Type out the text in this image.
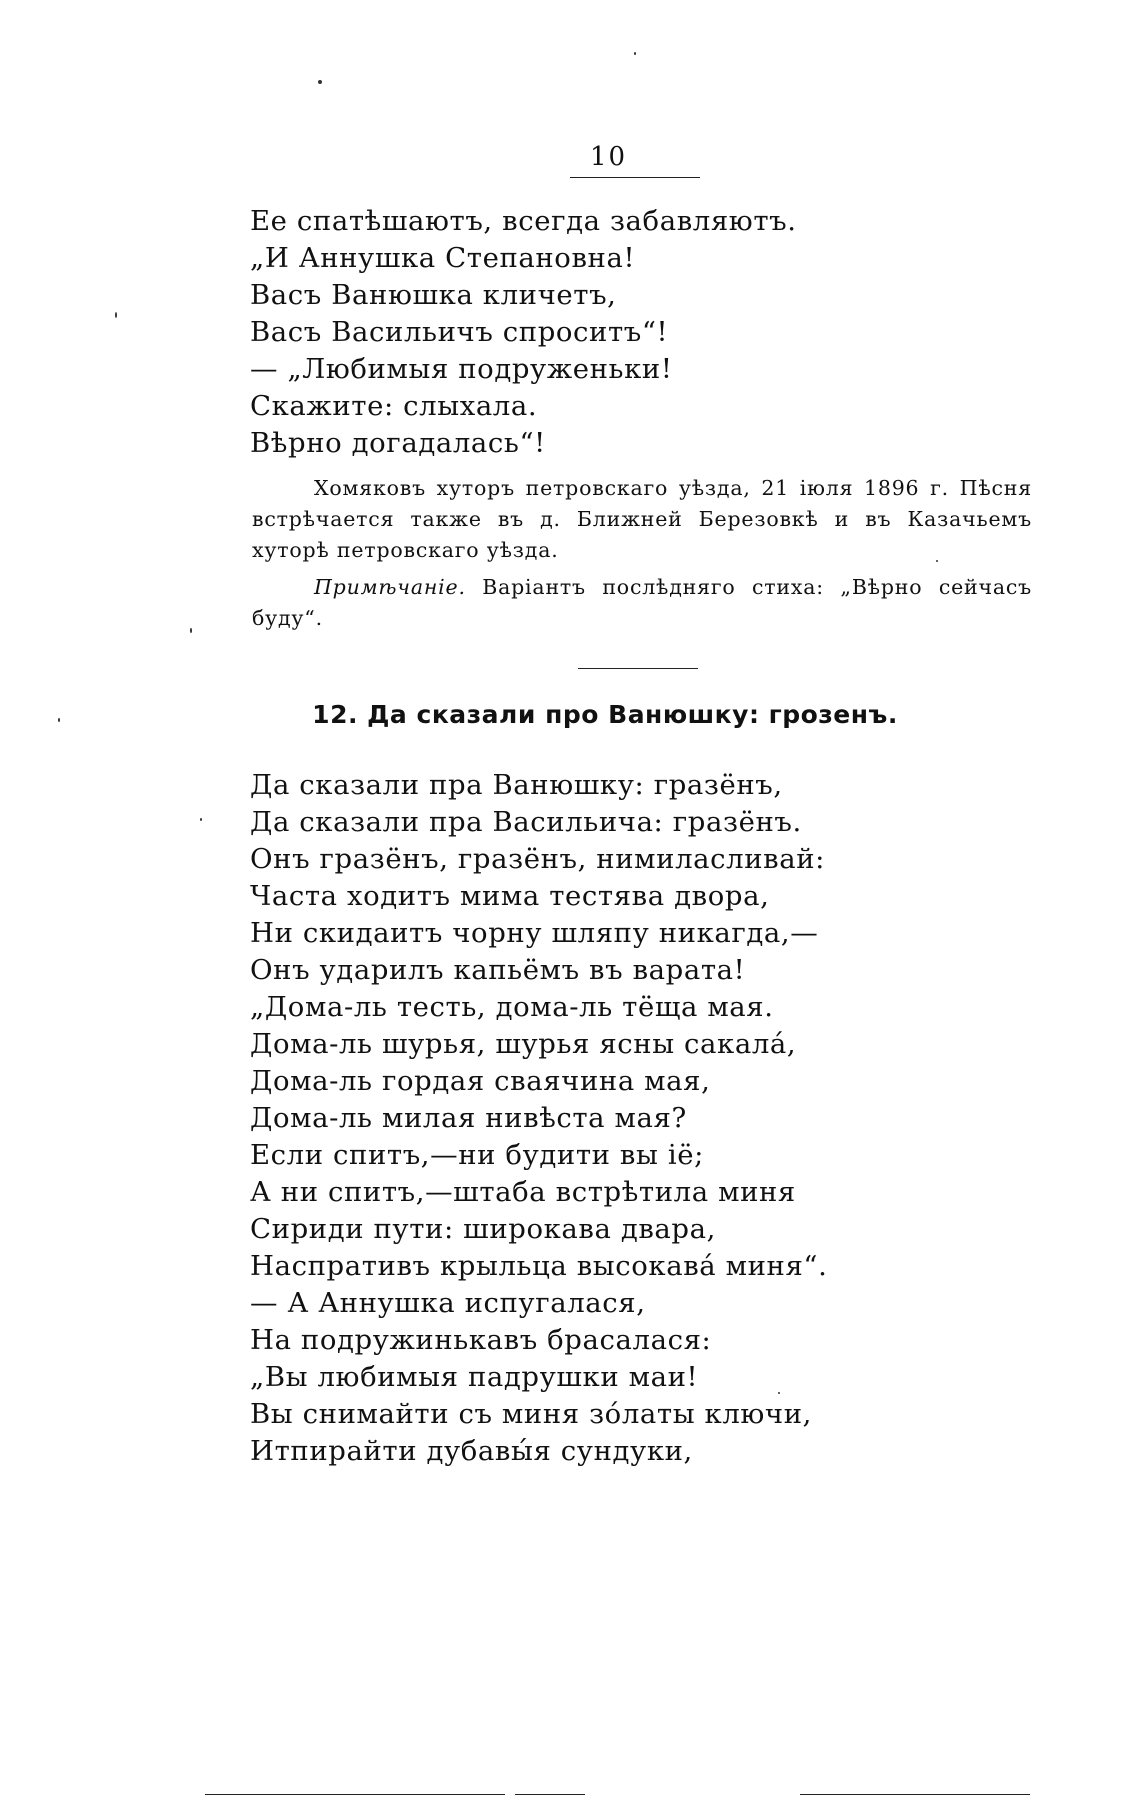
10
Ее спатѣшаютъ, всегда забавляютъ.
„И Аннушка Степановна!
Васъ Ванюшка кличетъ,
Васъ Васильичъ спроситъ“!
— „Любимыя подруженьки!
Скажите: слыхала.
Вѣрно догадалась“!

Хомяковъ хуторъ петровскаго уѣзда, 21 іюля 1896 г. Пѣсня встрѣчается также въ д. Ближней Березовкѣ и въ Казачьемъ хуторѣ петровскаго уѣзда.

Примѣчаніе. Варіантъ послѣдняго стиха: „Вѣрно сейчасъ буду“.

12. Да сказали про Ванюшку: грозенъ.
Да сказали пра Ванюшку: гразёнъ,
Да сказали пра Васильича: гразёнъ.
Онъ гразёнъ, гразёнъ, нимиласливай:
Часта ходитъ мима тестява двора,
Ни скидаитъ чорну шляпу никагда,—
Онъ ударилъ капьёмъ въ варата!
„Дома-ль тесть, дома-ль тёща мая.
Дома-ль шурья, шурья ясны сакалá,
Дома-ль гордая сваячина мая,
Дома-ль милая нивѣста мая?
Если спитъ,—ни будити вы іё;
А ни спитъ,—штаба встрѣтила миня
Сириди пути: широкава двара,
Наспративъ крыльца высокавá миня“.
— А Аннушка испугалася,
На подружинькавъ брасалася:
„Вы любимыя падрушки маи!
Вы снимайти съ миня зóлаты ключи,
Итпирайти дубавы́я сундуки,
